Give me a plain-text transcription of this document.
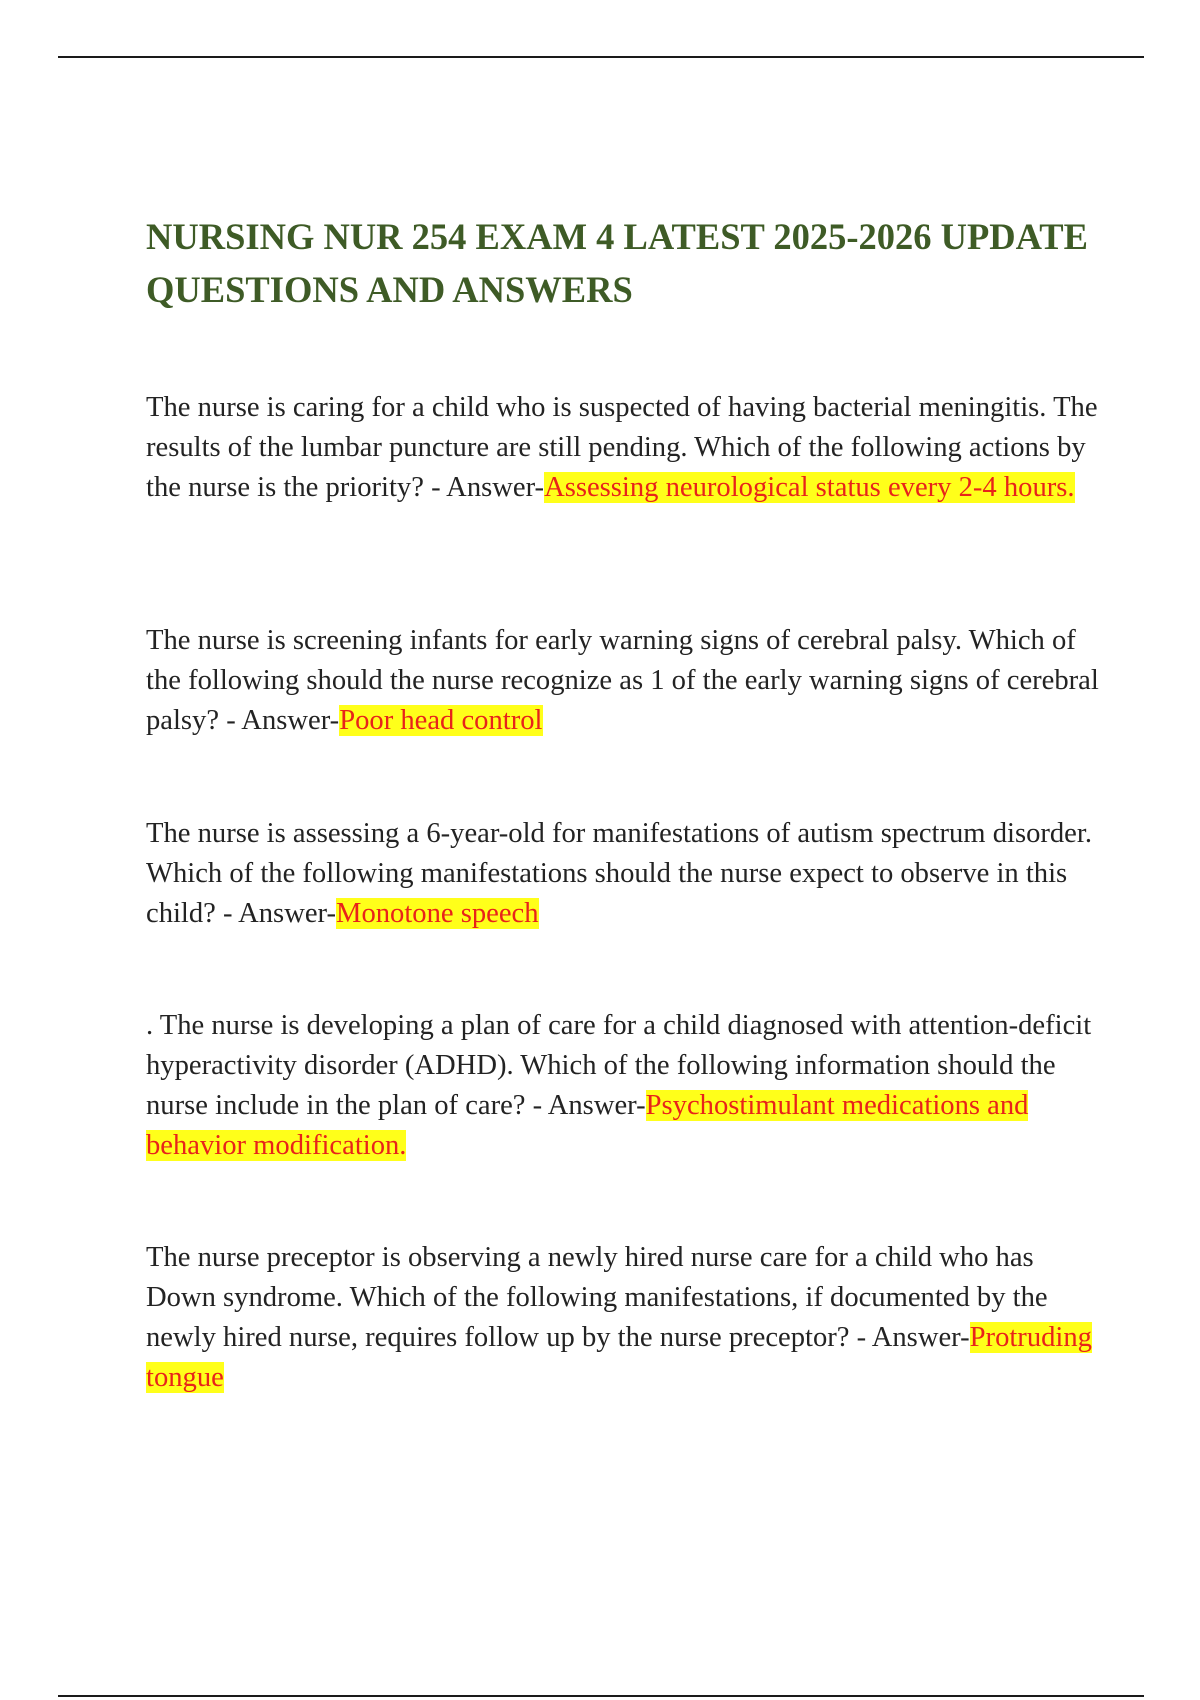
NURSING NUR 254 EXAM 4 LATEST 2025-2026 UPDATE QUESTIONS AND ANSWERS

The nurse is caring for a child who is suspected of having bacterial meningitis. The results of the lumbar puncture are still pending. Which of the following actions by the nurse is the priority? - Answer-Assessing neurological status every 2-4 hours.

The nurse is screening infants for early warning signs of cerebral palsy. Which of the following should the nurse recognize as 1 of the early warning signs of cerebral palsy? - Answer-Poor head control

The nurse is assessing a 6-year-old for manifestations of autism spectrum disorder. Which of the following manifestations should the nurse expect to observe in this child? - Answer-Monotone speech

. The nurse is developing a plan of care for a child diagnosed with attention-deficit hyperactivity disorder (ADHD). Which of the following information should the nurse include in the plan of care? - Answer-Psychostimulant medications and behavior modification.

The nurse preceptor is observing a newly hired nurse care for a child who has Down syndrome. Which of the following manifestations, if documented by the newly hired nurse, requires follow up by the nurse preceptor? - Answer-Protruding tongue
